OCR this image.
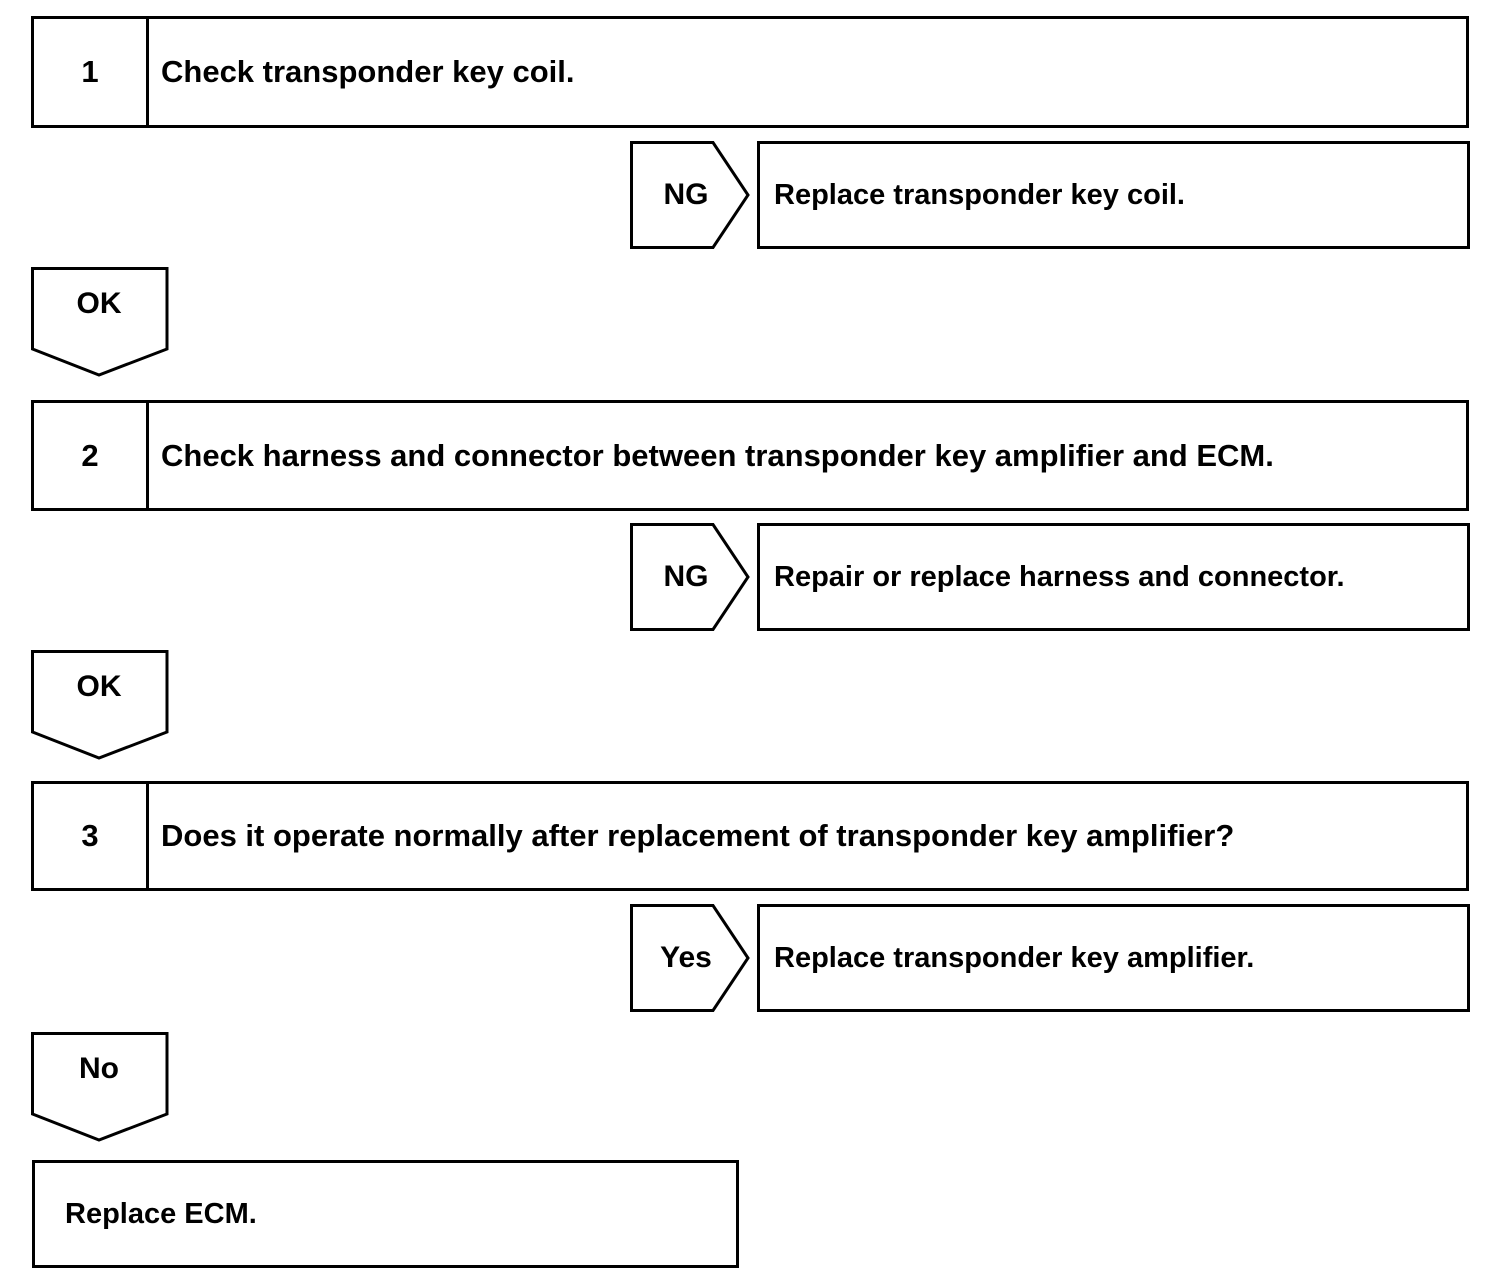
1	Check transponder key coil.
NG	Replace transponder key coil.
OK
2	Check harness and connector between transponder key amplifier and ECM.
NG	Repair or replace harness and connector.
OK
3	Does it operate normally after replacement of transponder key amplifier?
Yes	Replace transponder key amplifier.
No
Replace ECM.
